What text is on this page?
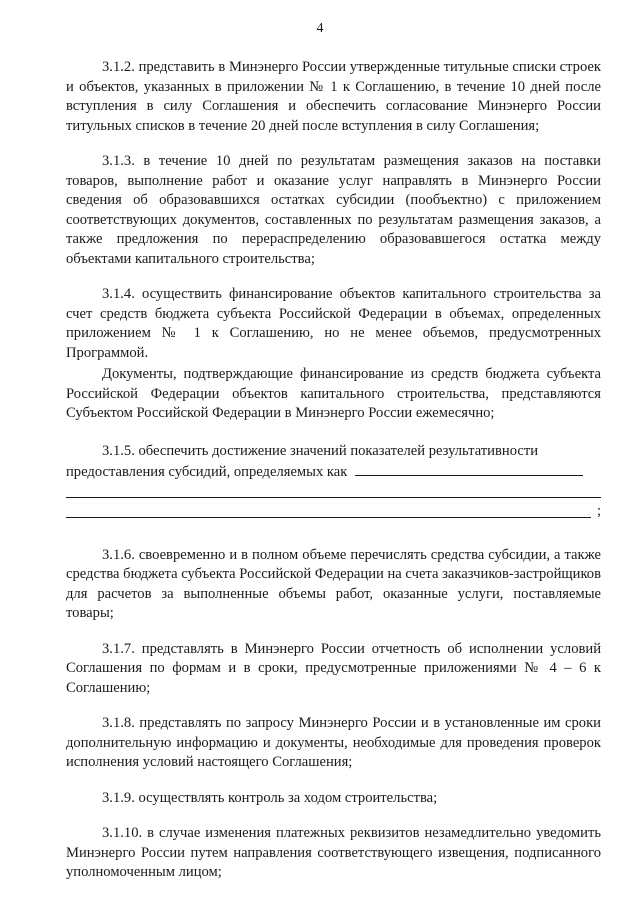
4

3.1.2. представить в Минэнерго России утвержденные титульные списки строек и объектов, указанных в приложении № 1 к Соглашению, в течение 10 дней после вступления в силу Соглашения и обеспечить согласование Минэнерго России титульных списков в течение 20 дней после вступления в силу Соглашения;

3.1.3. в течение 10 дней по результатам размещения заказов на поставки товаров, выполнение работ и оказание услуг направлять в Минэнерго России сведения об образовавшихся остатках субсидии (пообъектно) с приложением соответствующих документов, составленных по результатам размещения заказов, а также предложения по перераспределению образовавшегося остатка между объектами капитального строительства;

3.1.4. осуществить финансирование объектов капитального строительства за счет средств бюджета субъекта Российской Федерации в объемах, определенных приложением № 1 к Соглашению, но не менее объемов, предусмотренных Программой.

Документы, подтверждающие финансирование из средств бюджета субъекта Российской Федерации объектов капитального строительства, представляются Субъектом Российской Федерации в Минэнерго России ежемесячно;

3.1.5. обеспечить достижение значений показателей результативности предоставления субсидий, определяемых как

;

3.1.6. своевременно и в полном объеме перечислять средства субсидии, а также средства бюджета субъекта Российской Федерации на счета заказчиков-застройщиков для расчетов за выполненные объемы работ, оказанные услуги, поставляемые товары;

3.1.7. представлять в Минэнерго России отчетность об исполнении условий Соглашения по формам и в сроки, предусмотренные приложениями № 4 – 6 к Соглашению;

3.1.8. представлять по запросу Минэнерго России и в установленные им сроки дополнительную информацию и документы, необходимые для проведения проверок исполнения условий настоящего Соглашения;

3.1.9. осуществлять контроль за ходом строительства;

3.1.10. в случае изменения платежных реквизитов незамедлительно уведомить Минэнерго России путем направления соответствующего извещения, подписанного уполномоченным лицом;
